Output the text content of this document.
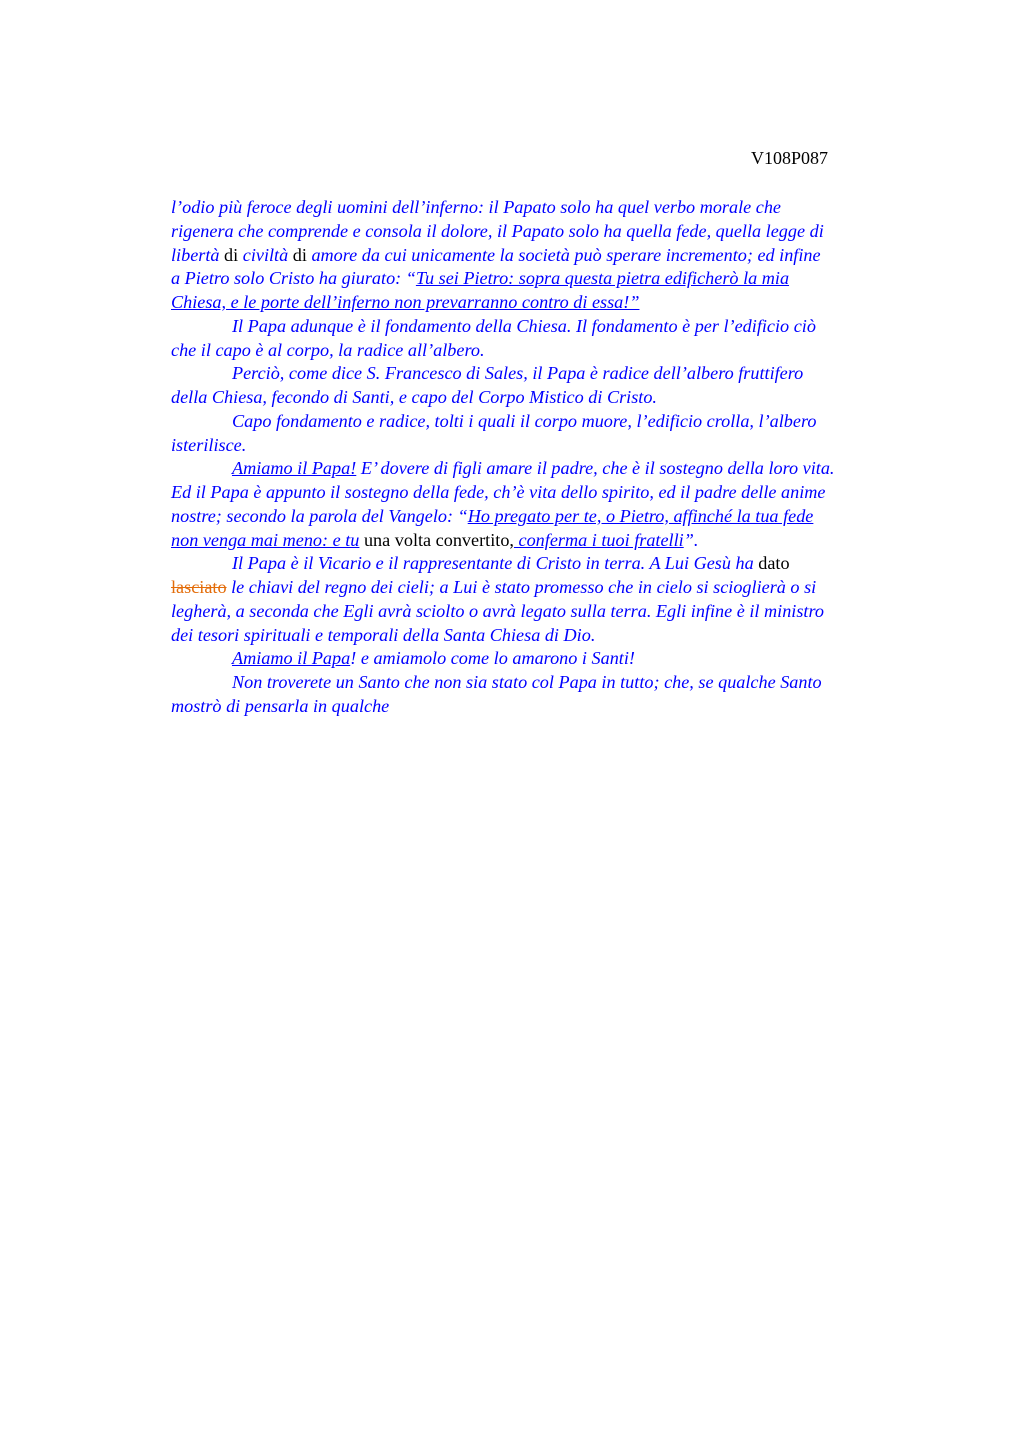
V108P087

l’odio più feroce degli uomini dell’inferno: il Papato solo ha quel verbo morale che

rigenera che comprende e consola il dolore, il Papato solo ha quella fede, quella legge di

libertà di civiltà di amore da cui unicamente la società può sperare incremento; ed infine

a Pietro solo Cristo ha giurato: “Tu sei Pietro: sopra questa pietra edificherò la mia

Chiesa, e le porte dell’inferno non prevarranno contro di essa!”

Il Papa adunque è il fondamento della Chiesa. Il fondamento è per l’edificio ciò

che il capo è al corpo, la radice all’albero.

Perciò, come dice S. Francesco di Sales, il Papa è radice dell’albero fruttifero

della Chiesa, fecondo di Santi, e capo del Corpo Mistico di Cristo.

Capo fondamento e radice, tolti i quali il corpo muore, l’edificio crolla, l’albero

isterilisce.

Amiamo il Papa! E’ dovere di figli amare il padre, che è il sostegno della loro vita.

Ed il Papa è appunto il sostegno della fede, ch’è vita dello spirito, ed il padre delle anime

nostre; secondo la parola del Vangelo: “Ho pregato per te, o Pietro, affinché la tua fede

non venga mai meno: e tu una volta convertito, conferma i tuoi fratelli”.

Il Papa è il Vicario e il rappresentante di Cristo in terra. A Lui Gesù ha dato

lasciato le chiavi del regno dei cieli; a Lui è stato promesso che in cielo si scioglierà o si

legherà, a seconda che Egli avrà sciolto o avrà legato sulla terra. Egli infine è il ministro

dei tesori spirituali e temporali della Santa Chiesa di Dio.

Amiamo il Papa! e amiamolo come lo amarono i Santi!

Non troverete un Santo che non sia stato col Papa in tutto; che, se qualche Santo

mostrò di pensarla in qualche
